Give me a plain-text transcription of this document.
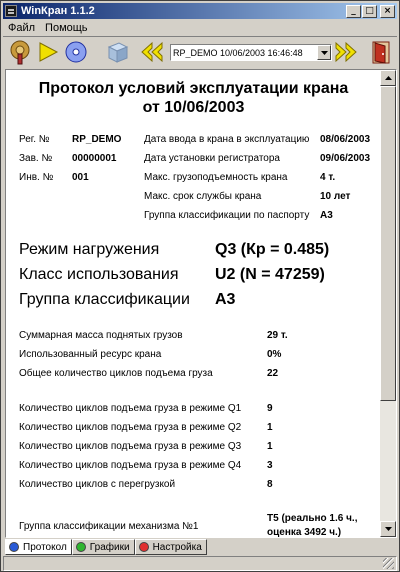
WinКран 1.1.2	_	□	×
Файл Помощь
RP_DEMO 10/06/2003 16:46:48
Протокол условий эксплуатации крана
от 10/06/2003
Рег. № RP_DEMO
Зав. № 00000001
Инв. № 001
Дата ввода в крана в эксплуатацию 08/06/2003
Дата установки регистратора	09/06/2003
Макс. грузоподъемность крана	4 т.
Макс. срок службы крана	10 лет
Группа классификации по паспорту А3
Режим нагружения	Q3 (Кр = 0.485)
Класс использования U2 (N = 47259)
Группа классификации А3
Суммарная масса поднятых грузов	29 т.
Использованный ресурс крана	0%
Общее количество циклов подъема груза	22
Количество циклов подъема груза в режиме Q1	9
Количество циклов подъема груза в режиме Q2	1
Количество циклов подъема груза в режиме Q3	1
Количество циклов подъема груза в режиме Q4	3
Количество циклов с перегрузкой	8
Группа классификации механизма №1
Т5 (реально 1.6 ч.,
оценка 3492 ч.)
Протокол Графики Настройка
